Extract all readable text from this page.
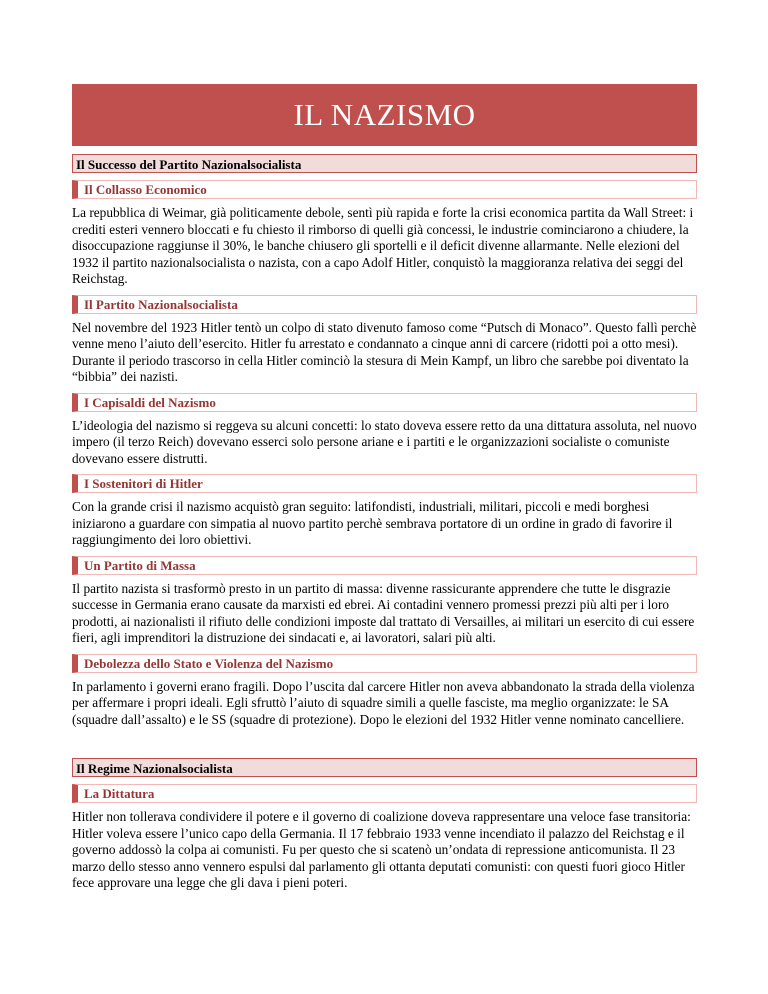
IL NAZISMO
Il Successo del Partito Nazionalsocialista
Il Collasso Economico

La repubblica di Weimar, già politicamente debole, sentì più rapida e forte la crisi economica partita da Wall Street: i crediti esteri vennero bloccati e fu chiesto il rimborso di quelli già concessi, le industrie cominciarono a chiudere, la disoccupazione raggiunse il 30%, le banche chiusero gli sportelli e il deficit divenne allarmante. Nelle elezioni del 1932 il partito nazionalsocialista o nazista, con a capo Adolf Hitler, conquistò la maggioranza relativa dei seggi del Reichstag.

Il Partito Nazionalsocialista

Nel novembre del 1923 Hitler tentò un colpo di stato divenuto famoso come “Putsch di Monaco”. Questo fallì perchè venne meno l’aiuto dell’esercito. Hitler fu arrestato e condannato a cinque anni di carcere (ridotti poi a otto mesi). Durante il periodo trascorso in cella Hitler cominciò la stesura di Mein Kampf, un libro che sarebbe poi diventato la “bibbia” dei nazisti.

I Capisaldi del Nazismo

L’ideologia del nazismo si reggeva su alcuni concetti: lo stato doveva essere retto da una dittatura assoluta, nel nuovo impero (il terzo Reich) dovevano esserci solo persone ariane e i partiti e le organizzazioni socialiste o comuniste dovevano essere distrutti.

I Sostenitori di Hitler

Con la grande crisi il nazismo acquistò gran seguito: latifondisti, industriali, militari, piccoli e medi borghesi iniziarono a guardare con simpatia al nuovo partito perchè sembrava portatore di un ordine in grado di favorire il raggiungimento dei loro obiettivi.

Un Partito di Massa

Il partito nazista si trasformò presto in un partito di massa: divenne rassicurante apprendere che tutte le disgrazie successe in Germania erano causate da marxisti ed ebrei. Ai contadini vennero promessi prezzi più alti per i loro prodotti, ai nazionalisti il rifiuto delle condizioni imposte dal trattato di Versailles, ai militari un esercito di cui essere fieri, agli imprenditori la distruzione dei sindacati e, ai lavoratori, salari più alti.

Debolezza dello Stato e Violenza del Nazismo

In parlamento i governi erano fragili. Dopo l’uscita dal carcere Hitler non aveva abbandonato la strada della violenza per affermare i propri ideali. Egli sfruttò l’aiuto di squadre simili a quelle fasciste, ma meglio organizzate: le SA (squadre dall’assalto) e le SS (squadre di protezione). Dopo le elezioni del 1932 Hitler venne nominato cancelliere.

Il Regime Nazionalsocialista
La Dittatura

Hitler non tollerava condividere il potere e il governo di coalizione doveva rappresentare una veloce fase transitoria: Hitler voleva essere l’unico capo della Germania. Il 17 febbraio 1933 venne incendiato il palazzo del Reichstag e il governo addossò la colpa ai comunisti. Fu per questo che si scatenò un’ondata di repressione anticomunista. Il 23 marzo dello stesso anno vennero espulsi dal parlamento gli ottanta deputati comunisti: con questi fuori gioco Hitler fece approvare una legge che gli dava i pieni poteri.
